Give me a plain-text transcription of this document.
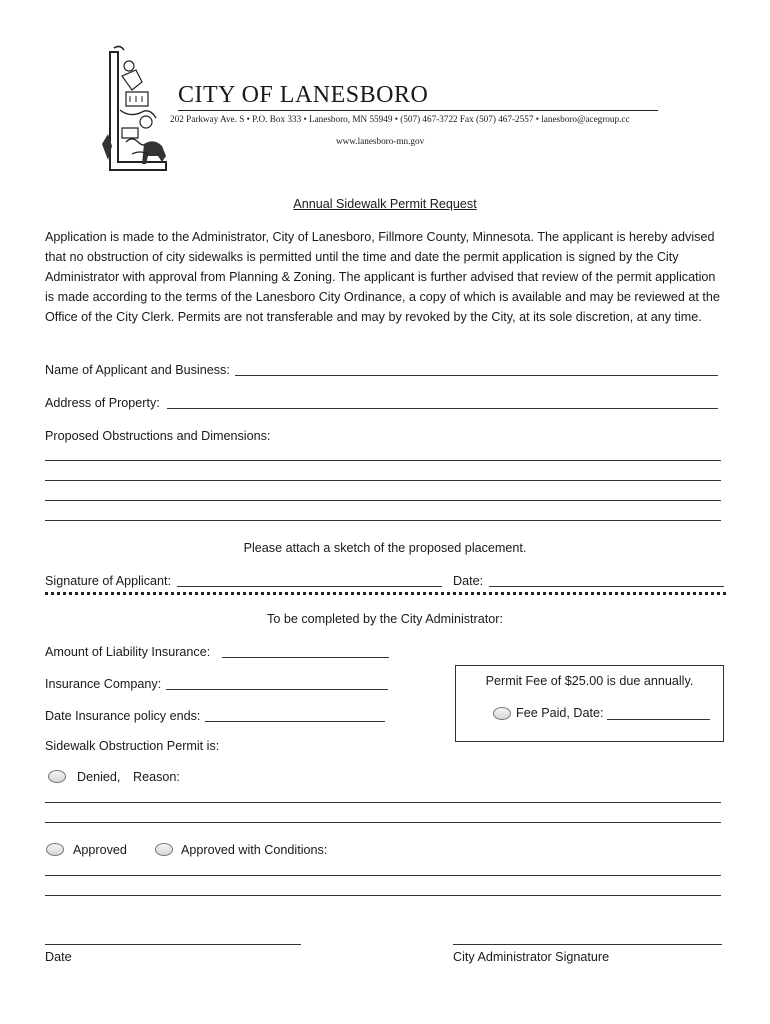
CITY OF LANESBORO
202 Parkway Ave. S • P.O. Box 333 • Lanesboro, MN 55949 • (507) 467-3722 Fax (507) 467-2557 • lanesboro@acegroup.cc
www.lanesboro-mn.gov
Annual Sidewalk Permit Request
Application is made to the Administrator, City of Lanesboro, Fillmore County, Minnesota. The applicant is hereby advised that no obstruction of city sidewalks is permitted until the time and date the permit application is signed by the City Administrator with approval from Planning & Zoning. The applicant is further advised that review of the permit application is made according to the terms of the Lanesboro City Ordinance, a copy of which is available and may be reviewed at the Office of the City Clerk. Permits are not transferable and may by revoked by the City, at its sole discretion, at any time.
Name of Applicant and Business:
Address of Property:
Proposed Obstructions and Dimensions:
Please attach a sketch of the proposed placement.
Signature of Applicant:	Date:
To be completed by the City Administrator:
Amount of Liability Insurance:
Insurance Company:
Date Insurance policy ends:
Permit Fee of $25.00 is due annually.
Fee Paid, Date:
Sidewalk Obstruction Permit is:
Denied, Reason:
Approved	Approved with Conditions:
Date	City Administrator Signature
